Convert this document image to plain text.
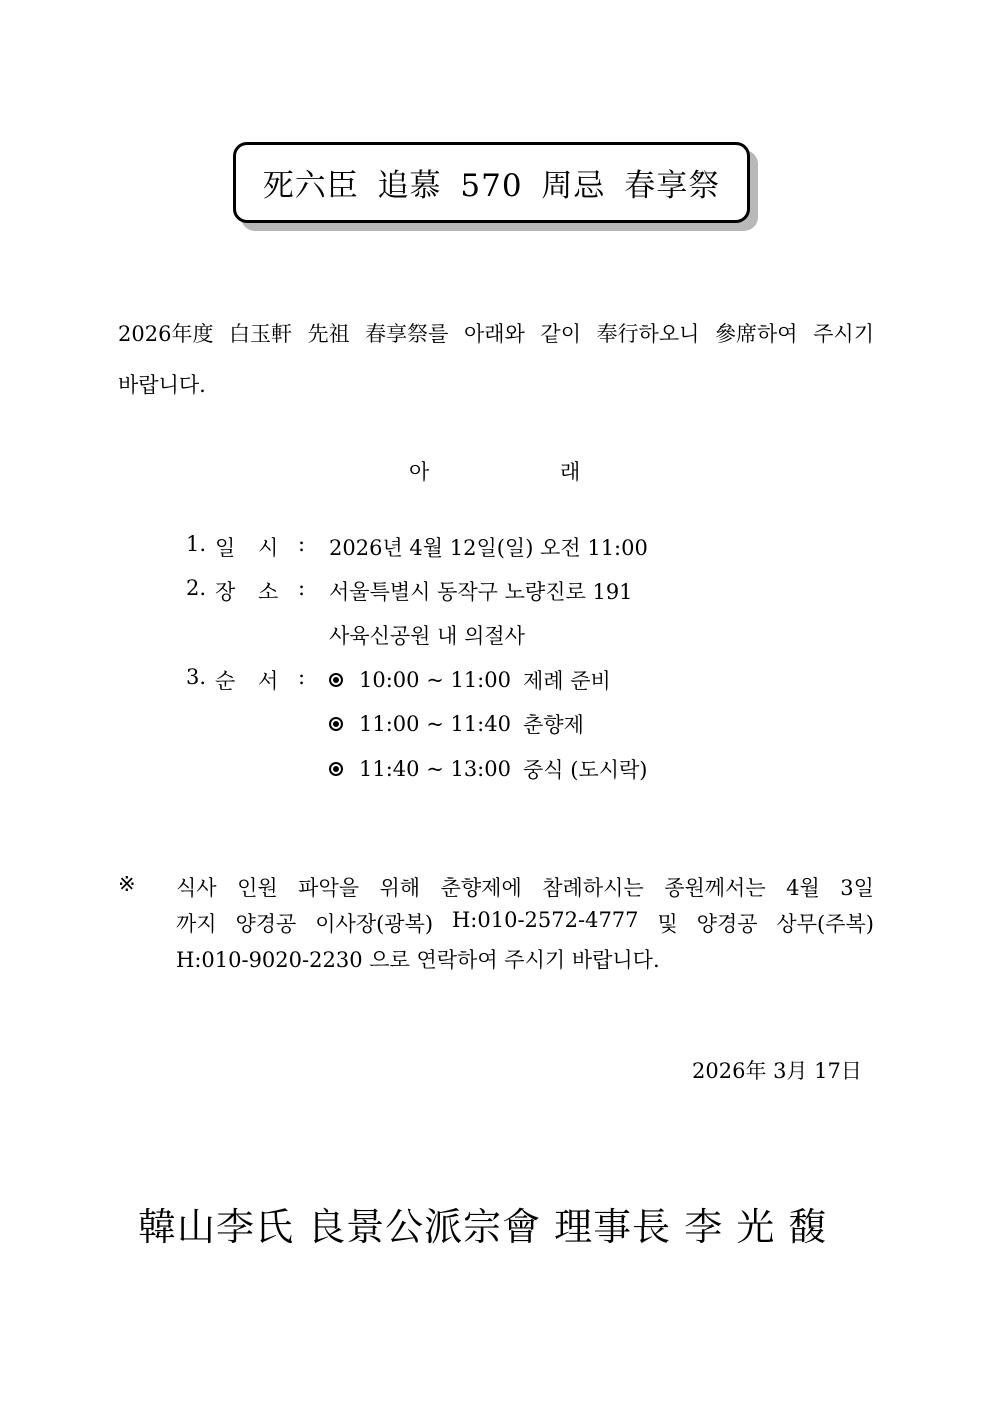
死六臣 追慕 570 周忌 春享祭
2026年度 白玉軒 先祖 春享祭를 아래와 같이 奉行하오니 參席하여 주시기
바랍니다.
아	래
1. 일 시 : 2026년 4월 12일(일) 오전 11:00
2. 장 소 : 서울특별시 동작구 노량진로 191
사육신공원 내 의절사
3. 순 서 :	10:00 ~ 11:00 제례 준비
11:00 ~ 11:40 춘향제
11:40 ~ 13:00 중식 (도시락)
※ 식사 인원 파악을 위해 춘향제에 참례하시는 종원께서는 4월 3일
까지 양경공 이사장(광복) H:010-2572-4777 및 양경공 상무(주복)
H:010-9020-2230 으로 연락하여 주시기 바랍니다.
2026年 3月 17日
韓山李氏 良景公派宗會 理事長 李 光 馥
